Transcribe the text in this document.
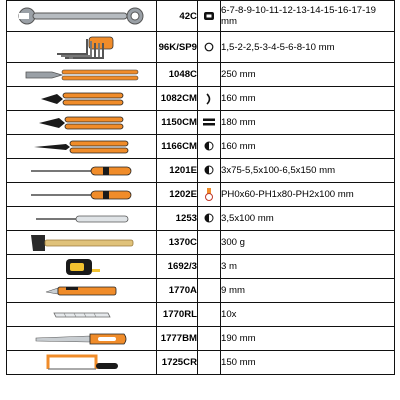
	42C		6-7-8-9-10-11-12-13-14-15-16-17-19 mm

	96K/SP9		1,5-2-2,5-3-4-5-6-8-10 mm

	1048C		250 mm

	1082CM		160 mm

	1150CM		180 mm

	1166CM		160 mm

	1201E		3x75-5,5x100-6,5x150 mm

	1202E		PH0x60-PH1x80-PH2x100 mm

	1253		3,5x100 mm

	1370C		300 g

	1692/3		3 m

	1770A		9 mm

	1770RL		10x

	1777BM		190 mm

	1725CR		150 mm
